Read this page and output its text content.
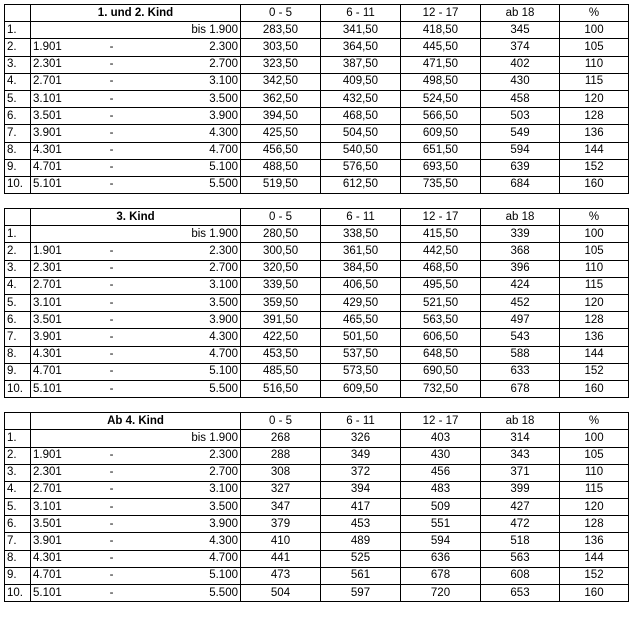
	1. und 2. Kind			0 - 5	6 - 11	12 - 17	ab 18	%
1.			bis 1.900	283,50	341,50	418,50	345	100
2.	1.901	-	2.300	303,50	364,50	445,50	374	105
3.	2.301	-	2.700	323,50	387,50	471,50	402	110
4.	2.701	-	3.100	342,50	409,50	498,50	430	115
5.	3.101	-	3.500	362,50	432,50	524,50	458	120
6.	3.501	-	3.900	394,50	468,50	566,50	503	128
7.	3.901	-	4.300	425,50	504,50	609,50	549	136
8.	4.301	-	4.700	456,50	540,50	651,50	594	144
9.	4.701	-	5.100	488,50	576,50	693,50	639	152
10.	5.101	-	5.500	519,50	612,50	735,50	684	160
	3. Kind			0 - 5	6 - 11	12 - 17	ab 18	%
1.			bis 1.900	280,50	338,50	415,50	339	100
2.	1.901	-	2.300	300,50	361,50	442,50	368	105
3.	2.301	-	2.700	320,50	384,50	468,50	396	110
4.	2.701	-	3.100	339,50	406,50	495,50	424	115
5.	3.101	-	3.500	359,50	429,50	521,50	452	120
6.	3.501	-	3.900	391,50	465,50	563,50	497	128
7.	3.901	-	4.300	422,50	501,50	606,50	543	136
8.	4.301	-	4.700	453,50	537,50	648,50	588	144
9.	4.701	-	5.100	485,50	573,50	690,50	633	152
10.	5.101	-	5.500	516,50	609,50	732,50	678	160
	Ab 4. Kind			0 - 5	6 - 11	12 - 17	ab 18	%
1.			bis 1.900	268	326	403	314	100
2.	1.901	-	2.300	288	349	430	343	105
3.	2.301	-	2.700	308	372	456	371	110
4.	2.701	-	3.100	327	394	483	399	115
5.	3.101	-	3.500	347	417	509	427	120
6.	3.501	-	3.900	379	453	551	472	128
7.	3.901	-	4.300	410	489	594	518	136
8.	4.301	-	4.700	441	525	636	563	144
9.	4.701	-	5.100	473	561	678	608	152
10.	5.101	-	5.500	504	597	720	653	160
